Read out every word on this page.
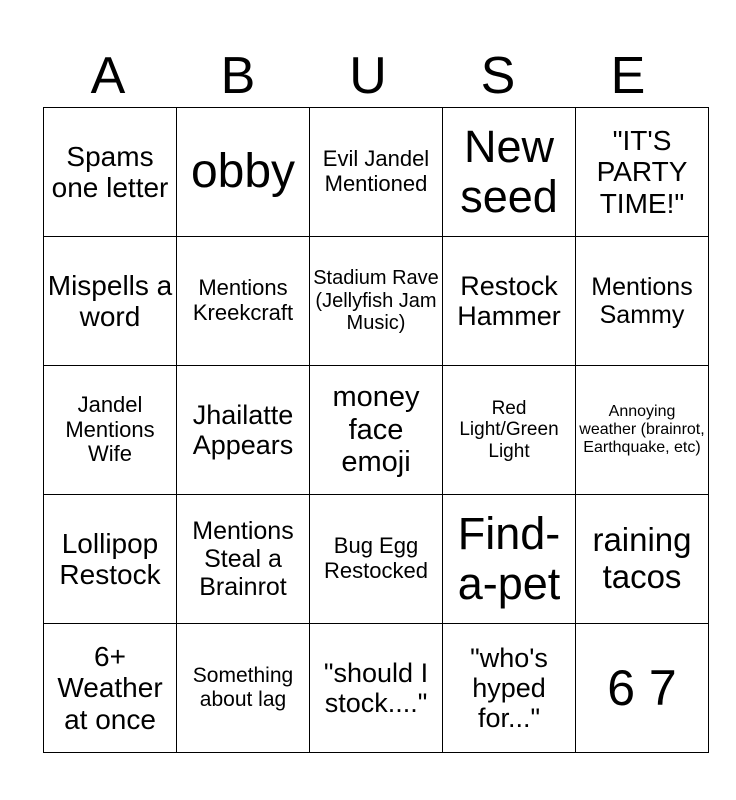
A	B	U	S	E
Spams one letter	obby	Evil Jandel Mentioned	New seed	"IT'S PARTY TIME!"
Mispells a word	Mentions Kreekcraft	Stadium Rave (Jellyfish Jam Music)	Restock Hammer	Mentions Sammy
Jandel Mentions Wife	Jhailatte Appears	money face emoji	Red Light/Green Light	Annoying weather (brainrot, Earthquake, etc)
Lollipop Restock	Mentions Steal a Brainrot	Bug Egg Restocked	Find-a-pet	raining tacos
6+ Weather at once	Something about lag	"should I stock...."	"who's hyped for..."	6 7
